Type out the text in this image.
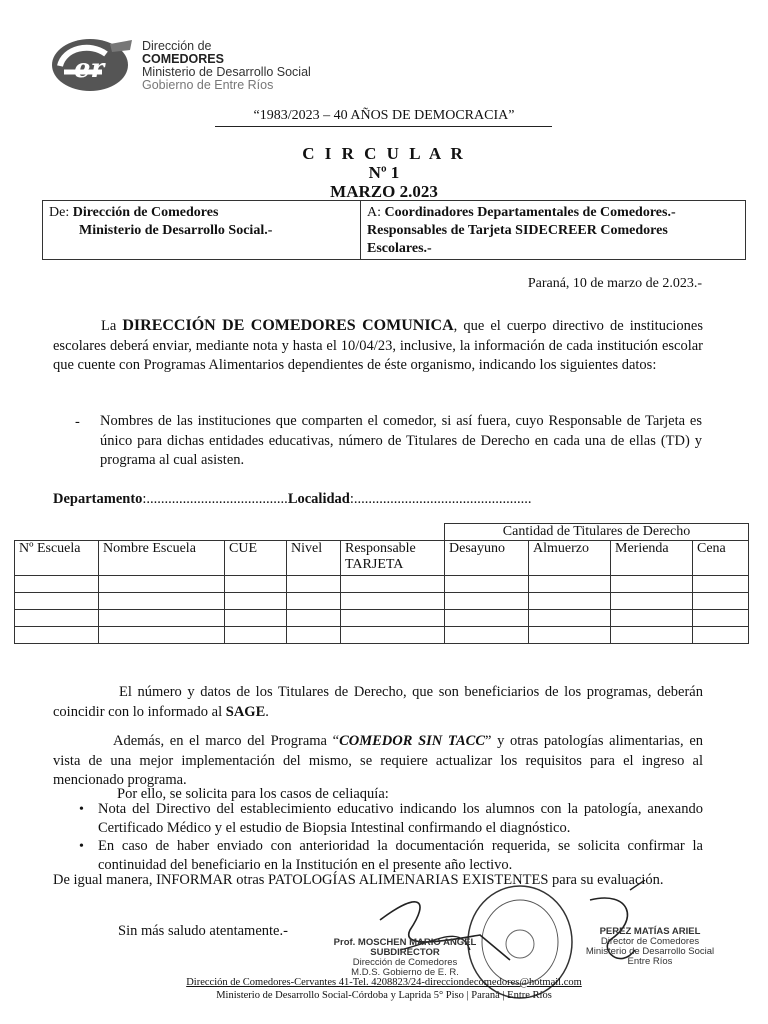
er
Dirección de
COMEDORES
Ministerio de Desarrollo Social
Gobierno de Entre Ríos
“1983/2023 – 40 AÑOS DE DEMOCRACIA”
C I R C U L A R
Nº 1
MARZO 2.023
De: Dirección de Comedores
Ministerio de Desarrollo Social.-
A: Coordinadores Departamentales de Comedores.-
Responsables de Tarjeta SIDECREER Comedores
Escolares.-
Paraná, 10 de marzo de 2.023.-
La DIRECCIÓN DE COMEDORES COMUNICA, que el cuerpo directivo de instituciones escolares deberá enviar, mediante nota y hasta el 10/04/23, inclusive, la información de cada institución escolar que cuente con Programas Alimentarios dependientes de éste organismo, indicando los siguientes datos:
- Nombres de las instituciones que comparten el comedor, si así fuera, cuyo Responsable de Tarjeta es único para dichas entidades educativas, número de Titulares de Derecho en cada una de ellas (TD) y programa al cual asisten.
Departamento:.......................................Localidad:.................................................
					Cantidad de Titulares de Derecho			
Nº Escuela	Nombre Escuela	CUE	Nivel	Responsable TARJETA	Desayuno	Almuerzo	Merienda	Cena

El número y datos de los Titulares de Derecho, que son beneficiarios de los programas, deberán coincidir con lo informado al SAGE.
Además, en el marco del Programa “COMEDOR SIN TACC” y otras patologías alimentarias, en vista de una mejor implementación del mismo, se requiere actualizar los requisitos para el ingreso al mencionado programa.
Por ello, se solicita para los casos de celiaquía:
• Nota del Directivo del establecimiento educativo indicando los alumnos con la patología, anexando Certificado Médico y el estudio de Biopsia Intestinal confirmando el diagnóstico.
• En caso de haber enviado con anterioridad la documentación requerida, se solicita confirmar la continuidad del beneficiario en la Institución en el presente año lectivo.
De igual manera, INFORMAR otras PATOLOGÍAS ALIMENARIAS EXISTENTES para su evaluación.
Sin más saludo atentamente.-
Prof. MOSCHEN MARIO ANGEL
SUBDIRECTOR
Dirección de Comedores
M.D.S. Gobierno de E. R.
PEREZ MATÍAS ARIEL
Director de Comedores
Ministerio de Desarrollo Social
Entre Ríos
Dirección de Comedores-Cervantes 41-Tel. 4208823/24-direcciondecomedores@hotmail.com
Ministerio de Desarrollo Social-Córdoba y Laprida 5° Piso | Paraná | Entre Ríos
